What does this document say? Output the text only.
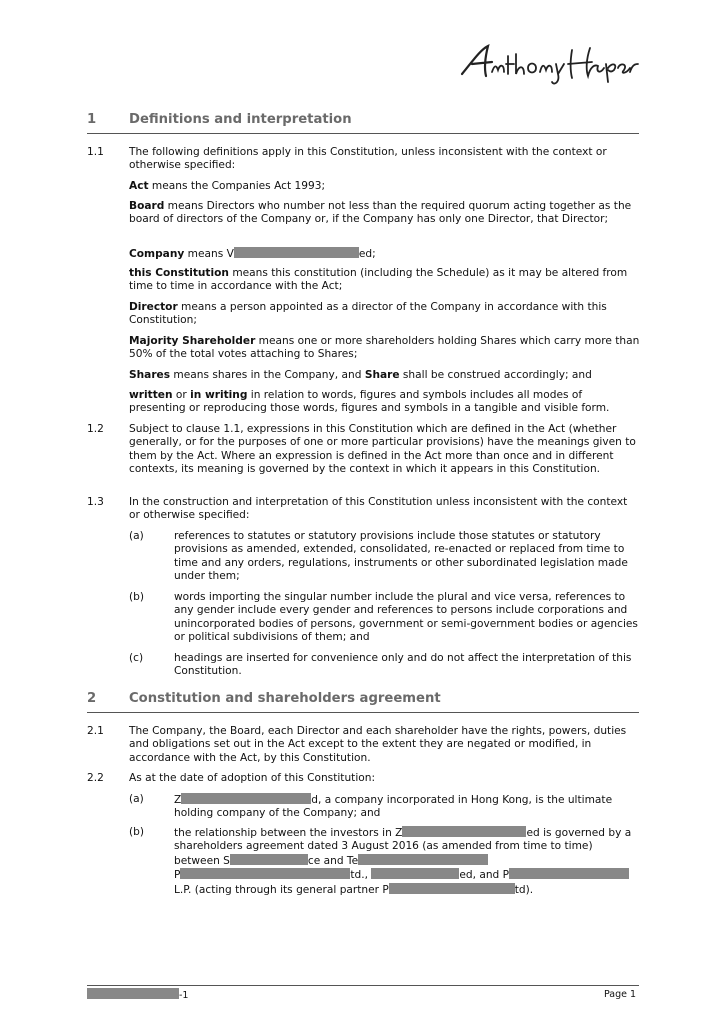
1 Definitions and interpretation
1.1 The following definitions apply in this Constitution, unless inconsistent with the context or otherwise specified:
Act means the Companies Act 1993;
Board means Directors who number not less than the required quorum acting together as the board of directors of the Company or, if the Company has only one Director, that Director;
Company means V	ed;
this Constitution means this constitution (including the Schedule) as it may be altered from time to time in accordance with the Act;
Director means a person appointed as a director of the Company in accordance with this Constitution;
Majority Shareholder means one or more shareholders holding Shares which carry more than 50% of the total votes attaching to Shares;
Shares means shares in the Company, and Share shall be construed accordingly; and
written or in writing in relation to words, figures and symbols includes all modes of presenting or reproducing those words, figures and symbols in a tangible and visible form.
1.2 Subject to clause 1.1, expressions in this Constitution which are defined in the Act (whether generally, or for the purposes of one or more particular provisions) have the meanings given to them by the Act. Where an expression is defined in the Act more than once and in different contexts, its meaning is governed by the context in which it appears in this Constitution.
1.3 In the construction and interpretation of this Constitution unless inconsistent with the context or otherwise specified:
(a)	references to statutes or statutory provisions include those statutes or statutory provisions as amended, extended, consolidated, re-enacted or replaced from time to time and any orders, regulations, instruments or other subordinated legislation made under them;
(b)	words importing the singular number include the plural and vice versa, references to any gender include every gender and references to persons include corporations and unincorporated bodies of persons, government or semi-government bodies or agencies or political subdivisions of them; and
(c)	headings are inserted for convenience only and do not affect the interpretation of this Constitution.
2 Constitution and shareholders agreement
2.1 The Company, the Board, each Director and each shareholder have the rights, powers, duties and obligations set out in the Act except to the extent they are negated or modified, in accordance with the Act, by this Constitution.
2.2 As at the date of adoption of this Constitution:
(a)	Z	d, a company incorporated in Hong Kong, is the ultimate holding company of the Company; and
(b)	the relationship between the investors in Z	ed is governed by a
shareholders agreement dated 3 August 2016 (as amended from time to time)
between S	ce and Te
P	td.,	ed, and P
L.P. (acting through its general partner P	td).
-1	Page 1
